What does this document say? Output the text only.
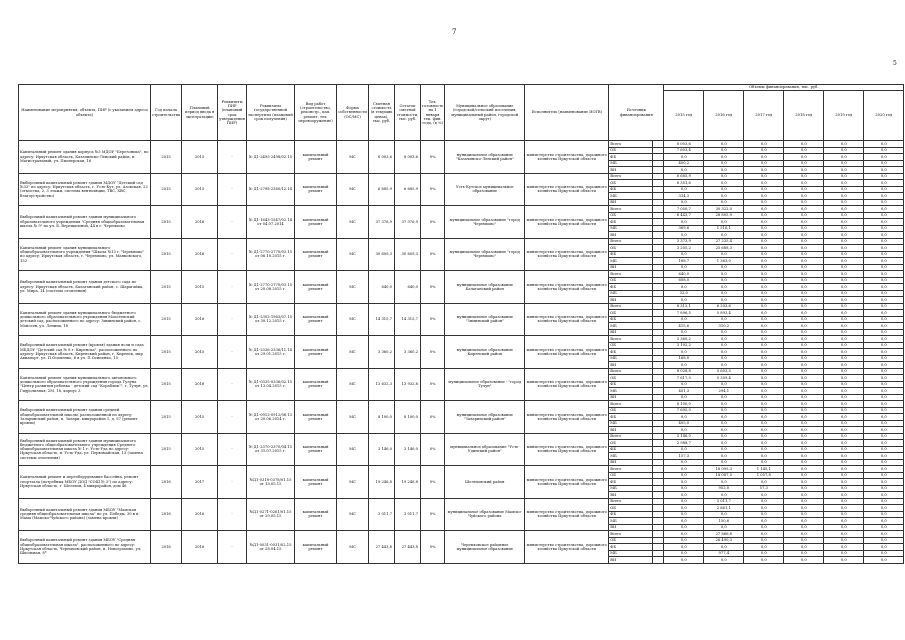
7
5
Наименование мероприятия, объекта, ПИР (с указанием адреса объекта)	Год начала строительства	Плановый период ввода в эксплуатацию	Реквизиты ПИР (плановый срок утверждения ПИР)	Реквизиты государственной экспертизы (плановый срок получения)	Вид работ (строительство, реконстр., кап. ремонт, тех. перевооружение)	Форма собственности (ОС/МС)	Сметная стоимость (в текущих ценах), тыс. руб.	Остаток сметной стоимости, тыс. руб.	Тех. готовность на 1 января тек. фин. года, (в %)	Муниципальное образование (городской/сельский поселения, муниципальный район, городской округ)	Исполнитель (наименование ИОГВ)	Источник финансирования		Объемы финансирования, тыс. руб.					
														2015 год	2016 год	2017 год	2018 год	2019 год	2020 год
Капитальный ремонт здания корпуса №3 МДОУ "Березонька", по адресу: Иркутская область, Казачинско-Ленский район, п. Магистральный, ул. Пионерская, 16	2015	2015	-	№ Д1-2495-2498/02.15	капитальный ремонт	МС	8 003,6	8 003,6	0%	муниципальное образование "Казачинско-Ленский район"	министерство строительства, дорожного хозяйства Иркутской области	Всего		8 003,6	0,0	0,0	0,0	0,0	0,0
												ОБ		7 603,4	0,0	0,0	0,0	0,0	0,0
												ФБ		0,0	0,0	0,0	0,0	0,0	0,0
												МБ		400,2	0,0	0,0	0,0	0,0	0,0
												ВИ		0,0	0,0	0,0	0,0	0,0	0,0
Выборочный капитальный ремонт здания МДОУ "Детский сад №33" по адресу: Иркутская область, г. Усть-Кут, ул. Азовская, 22 (отмостка, 2, 3 этажи, система вентиляции, ТВС, ХВС, благоустройство)	2015	2015	-	№ Д1-2798-2360/12.14	капитальный ремонт	МС	6 685,9	6 685,9	0%	Усть-Кутское муниципальное образование	министерство строительства, дорожного хозяйства Иркутской области	Всего		6 685,9	0,0	0,0	0,0	0,0	0,0
												ОБ		6 351,6	0,0	0,0	0,0	0,0	0,0
												ФБ		0,0	0,0	0,0	0,0	0,0	0,0
												МБ		334,3	0,0	0,0	0,0	0,0	0,0
												ВИ		0,0	0,0	0,0	0,0	0,0	0,0
Выборочный капитальный ремонт здания муниципального образовательного учреждения "Средняя общеобразовательная школа № 9" по ул. Б. Верещагиной, 44 в г. Черемхово	2015	2016	-	№ Д1-1643-1547/02.14 от 04.07.2014	капитальный ремонт	МС	37 376,9	37 376,9	0%	муниципальное образование "город Черемхово"	министерство строительства, дорожного хозяйства Иркутской области	Всего		7 050,7	30 322,0	0,0	0,0	0,0	0,0
												ОБ		6 443,7	28 805,9	0,0	0,0	0,0	0,0
												ФБ		0,0	0,0	0,0	0,0	0,0	0,0
												МБ		369,6	1 516,1	0,0	0,0	0,0	0,0
												ВИ		0,0	0,0	0,0	0,0	0,0	0,0
Капитальный ремонт здания муниципального общеобразовательного учреждения "Школа №13 г. Черемхово" по адресу: Иркутская область, г. Черемхово, ул. Маяковского, 152	2015	2016	-	№ Д1-2770-2770/03.15 от 06.10.2015 г.	капитальный ремонт	МС	30 609,3	30 609,3	0%	муниципальное образование "город Черемхово"	министерство строительства, дорожного хозяйства Иркутской области	Всего		3 373,9	27 235,4	0,0	0,0	0,0	0,0
												ОБ		3 205,2	25 688,3	0,0	0,0	0,0	0,0
												ФБ		0,0	0,0	0,0	0,0	0,0	0,0
												МБ		168,7	1 363,0	0,0	0,0	0,0	0,0
												ВИ		0,0	0,0	0,0	0,0	0,0	0,0
Выборочный капитальный ремонт здания детского сада по адресу: Иркутская область, Балаганский район, с. Шарагайка, ул. Мира, 14 (система отопления)	2015	2015	-	№ Д1-2770-2770/03.15 от 20.08.2015 г.	капитальный ремонт	МС	640,0	640,0	0%	муниципальное образование Балаганский район	министерство строительства, дорожного хозяйства Иркутской области	Всего		640,0	0,0	0,0	0,0	0,0	0,0
												ОБ		608,0	0,0	0,0	0,0	0,0	0,0
												ФБ		0,0	0,0	0,0	0,0	0,0	0,0
												МБ		32,0	0,0	0,0	0,0	0,0	0,0
												ВИ		0,0	0,0	0,0	0,0	0,0	0,0
Капитальный ремонт здания муниципального бюджетного дошкольного образовательного учреждения Моисеевский детский сад, расположенного по адресу: Зиминский район, с. Моисеев, ул. Ленина, 18	2015	2016	-	№ Д1-2302-1963/07.15 от 30.12.2015 г.	капитальный ремонт	МС	14 315,7	14 315,7	0%	муниципальное образование "Зиминский район"	министерство строительства, дорожного хозяйства Иркутской области	Всего		8 312,1	6 203,6	0,0	0,0	0,0	0,0
												ОБ		7 896,5	5 893,4	0,0	0,0	0,0	0,0
												ФБ		0,0	0,0	0,0	0,0	0,0	0,0
												МБ		415,6	310,2	0,0	0,0	0,0	0,0
												ВИ		0,0	0,0	0,0	0,0	0,0	0,0
Выборочный капитальный ремонт (кровля) здания ясли и сада МБДОУ "Детский сад № 8 г. Киренска", расположенного по адресу: Иркутская область, Киренский район, г. Киренск, мкр Авиапорт, ул. П.Осипенко, 6 в ул. П.Осипенко, 15	2015	2015	-	№ Д1-2336-2336/11.14 от 29.01.2015 г.	капитальный ремонт	МС	3 360,2	3 360,2	0%	муниципальное образование Киренский район	министерство строительства, дорожного хозяйства Иркутской области	Всего		3 360,2	0,0	0,0	0,0	0,0	0,0
												ОБ		3 192,2	0,0	0,0	0,0	0,0	0,0
												ФБ		0,0	0,0	0,0	0,0	0,0	0,0
												МБ		168,0	0,0	0,0	0,0	0,0	0,0
												ВИ		0,0	0,0	0,0	0,0	0,0	0,0
Капитальный ремонт здания муниципального автономного дошкольного образовательного учреждения города Тулуна "Центр развития ребенка - детский сад "Кораблик"", г. Тулун, ул. Гидролизная, 2М, 18, корпус 3	2015	2016	-	№ Д1-0335-0336/02.15 от 13.04.2015 г.	капитальный ремонт	МС	13 632,3	13 932,8	0%	муниципальное образование - "город Тулун"	министерство строительства, дорожного хозяйства Иркутской области	Всего		8 028,8	5 603,5	0,0	0,0	0,0	0,0
												ОБ		7 617,5	5 309,4	0,0	0,0	0,0	0,0
												ФБ		0,0	0,0	0,0	0,0	0,0	0,0
												МБ		401,3	294,1	0,0	0,0	0,0	0,0
												ВИ		0,0	0,0	0,0	0,0	0,0	0,0
Выборочный капитальный ремонт здания средней общеобразовательной школы, расположенной по адресу: Заларинский район, п. Залари, микрорайон 1, д. 57 (ремонт кровли)	2015	2015	-	№ Д1-0912-0912/06.13 от 20.06.2014 г.	капитальный ремонт	МС	8 100,0	8 100,0	0%	муниципальное образование "Заларинский район"	министерство строительства, дорожного хозяйства Иркутской области	Всего		8 100,0	0,0	0,0	0,0	0,0	0,0
												ОБ		7 695,0	0,0	0,0	0,0	0,0	0,0
												ФБ		0,0	0,0	0,0	0,0	0,0	0,0
												МБ		405,0	0,0	0,0	0,0	0,0	0,0
												ВИ		0,0	0,0	0,0	0,0	0,0	0,0
Выборочный капитальный ремонт здания муниципального бюджетного общеобразовательного учреждения Среднего общеобразовательная школа № 1 г. Усть-Уда по адресу: Иркутская область, п. Усть-Уда, ул. Первомайская, 13 (замена системы отопления)	2015	2015	-	№ Д1-2370-2370/04.15 от 31.07.2015 г.	капитальный ремонт	МС	3 146,0	3 146,0	0%	муниципальное образование "Усть-Удинский район"	министерство строительства, дорожного хозяйства Иркутской области	Всего		3 146,0	0,0	0,0	0,0	0,0	0,0
												ОБ		2 988,7	0,0	0,0	0,0	0,0	0,0
												ФБ		0,0	0,0	0,0	0,0	0,0	0,0
												МБ		157,3	0,0	0,0	0,0	0,0	0,0
												ВИ		0,0	0,0	0,0	0,0	0,0	0,0
Капитальный ремонт и переоборудование бассейна, ремонт спортзала (потребных МБОУ ДОД "СОШ № 3") по адресу: Иркутская область, г. Шелехов, 4 микрорайон, дом 46	2016	2017	-	№Д1-0318-0378/01.15 от 13.05.15	капитальный ремонт	МС	19 246,8	19 246,8	0%	Шелеховский район	министерство строительства, дорожного хозяйства Иркутской области	Всего		0,0	18 095,3	1 145,1	0,0	0,0	0,0
												ОБ		0,0	18 087,5	1 057,8	0,0	0,0	0,0
												ФБ		0,0	0,0	0,0	0,0	0,0	0,0
												МБ		0,0	952,0	57,3	0,0	0,0	0,0
												ВИ		0,0	0,0	0,0	0,0	0,0	0,0
Выборочный капитальный ремонт здания МБОУ "Мамская средняя общеобразовательная школа" по ул. Победы, 30 в п. Мама (Мамско-Чуйского района) (замена кровли)	2016	2016	-	№Д1-0271-0261/01.15 от 29.05.15	капитальный ремонт	МС	3 011,7	3 011,7	0%	муниципальное образование Мамско-Чуйского района	министерство строительства, дорожного хозяйства Иркутской области	Всего		0,0	3 011,7	0,0	0,0	0,0	0,0
												ОБ		0,0	2 861,1	0,0	0,0	0,0	0,0
												ФБ		0,0	0,0	0,0	0,0	0,0	0,0
												МБ		0,0	150,6	0,0	0,0	0,0	0,0
												ВИ		0,0	0,0	0,0	0,0	0,0	0,0
Выборочный капитальный ремонт здания МБОУ "Средняя общеобразовательная школа", расположенного по адресу: Иркутская область, Черемховский район, п. Новогромово, ул. Школьная, 8*	2016	2016	-	№Д1-0031-0031/02.15 от 28.04.15	капитальный ремонт	МС	27 443,8	27 443,8	0%	Черемховское районное муниципальное образование	министерство строительства, дорожного хозяйства Иркутской области	Всего		0,0	27 866,8	0,0	0,0	0,0	0,0
												ОБ		0,0	26 490,3	0,0	0,0	0,0	0,0
												ФБ		0,0	0,0	0,0	0,0	0,0	0,0
												МБ		0,0	977,4	0,0	0,0	0,0	0,0
												ВИ		0,0	0,0	0,0	0,0	0,0	0,0
